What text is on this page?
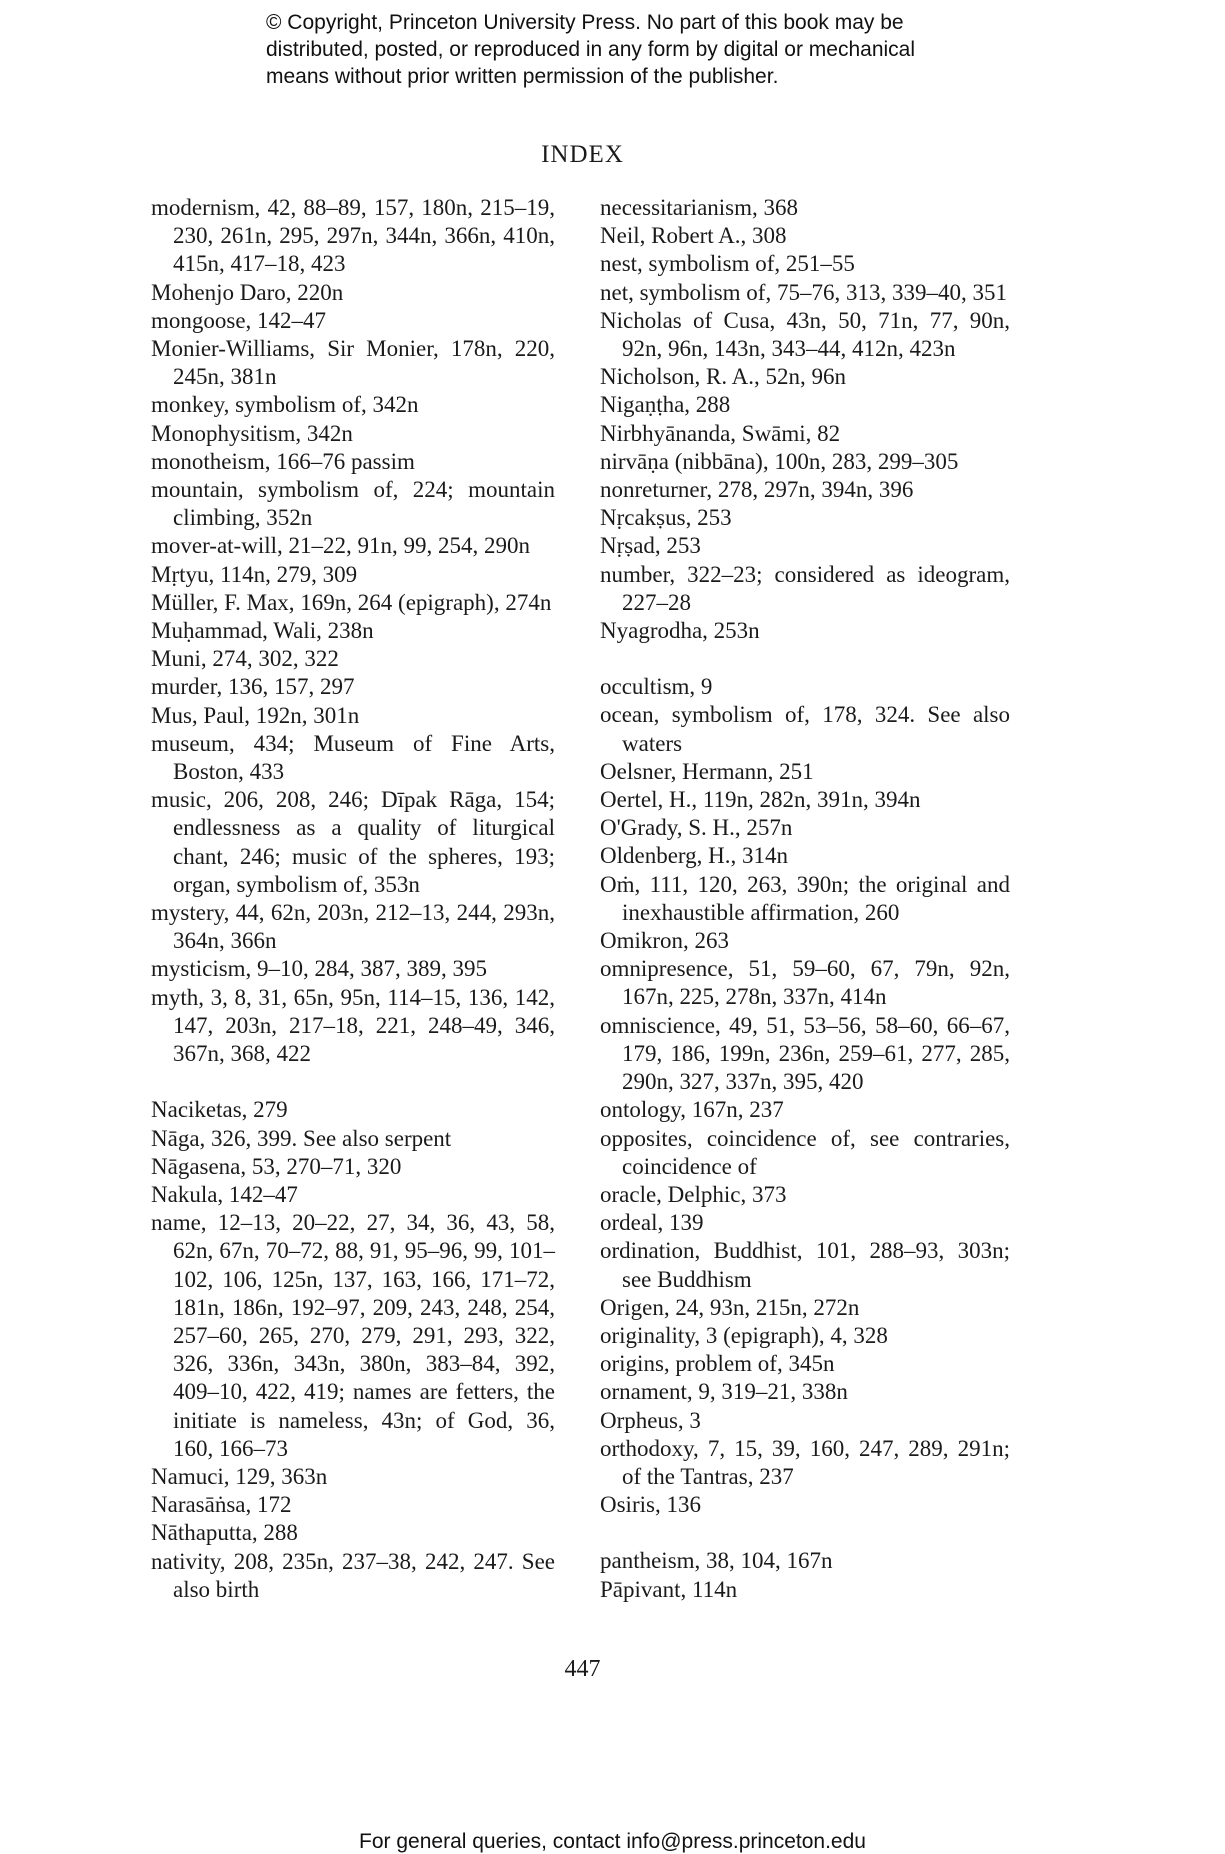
© Copyright, Princeton University Press. No part of this book may be
distributed, posted, or reproduced in any form by digital or mechanical
means without prior written permission of the publisher.
INDEX

modernism, 42, 88–89, 157, 180n, 215–19, 230, 261n, 295, 297n, 344n, 366n, 410n, 415n, 417–18, 423

Mohenjo Daro, 220n

mongoose, 142–47

Monier-Williams, Sir Monier, 178n, 220, 245n, 381n

monkey, symbolism of, 342n

Monophysitism, 342n

monotheism, 166–76 passim

mountain, symbolism of, 224; mountain climbing, 352n

mover-at-will, 21–22, 91n, 99, 254, 290n

Mṛtyu, 114n, 279, 309

Müller, F. Max, 169n, 264 (epigraph), 274n

Muḥammad, Wali, 238n

Muni, 274, 302, 322

murder, 136, 157, 297

Mus, Paul, 192n, 301n

museum, 434; Museum of Fine Arts, Boston, 433

music, 206, 208, 246; Dīpak Rāga, 154; endlessness as a quality of liturgical chant, 246; music of the spheres, 193; organ, symbolism of, 353n

mystery, 44, 62n, 203n, 212–13, 244, 293n, 364n, 366n

mysticism, 9–10, 284, 387, 389, 395

myth, 3, 8, 31, 65n, 95n, 114–15, 136, 142, 147, 203n, 217–18, 221, 248–49, 346, 367n, 368, 422

Naciketas, 279

Nāga, 326, 399. See also serpent

Nāgasena, 53, 270–71, 320

Nakula, 142–47

name, 12–13, 20–22, 27, 34, 36, 43, 58, 62n, 67n, 70–72, 88, 91, 95–96, 99, 101–102, 106, 125n, 137, 163, 166, 171–72, 181n, 186n, 192–97, 209, 243, 248, 254, 257–60, 265, 270, 279, 291, 293, 322, 326, 336n, 343n, 380n, 383–84, 392, 409–10, 422, 419; names are fetters, the initiate is nameless, 43n; of God, 36, 160, 166–73

Namuci, 129, 363n

Narasāṅsa, 172

Nāthaputta, 288

nativity, 208, 235n, 237–38, 242, 247. See also birth

necessitarianism, 368

Neil, Robert A., 308

nest, symbolism of, 251–55

net, symbolism of, 75–76, 313, 339–40, 351

Nicholas of Cusa, 43n, 50, 71n, 77, 90n, 92n, 96n, 143n, 343–44, 412n, 423n

Nicholson, R. A., 52n, 96n

Nigaṇṭha, 288

Nirbhyānanda, Swāmi, 82

nirvāṇa (nibbāna), 100n, 283, 299–305

nonreturner, 278, 297n, 394n, 396

Nṛcakṣus, 253

Nṛṣad, 253

number, 322–23; considered as ideogram, 227–28

Nyagrodha, 253n

occultism, 9

ocean, symbolism of, 178, 324. See also waters

Oelsner, Hermann, 251

Oertel, H., 119n, 282n, 391n, 394n

O'Grady, S. H., 257n

Oldenberg, H., 314n

Oṁ, 111, 120, 263, 390n; the original and inexhaustible affirmation, 260

Omikron, 263

omnipresence, 51, 59–60, 67, 79n, 92n, 167n, 225, 278n, 337n, 414n

omniscience, 49, 51, 53–56, 58–60, 66–67, 179, 186, 199n, 236n, 259–61, 277, 285, 290n, 327, 337n, 395, 420

ontology, 167n, 237

opposites, coincidence of, see contraries, coincidence of

oracle, Delphic, 373

ordeal, 139

ordination, Buddhist, 101, 288–93, 303n; see Buddhism

Origen, 24, 93n, 215n, 272n

originality, 3 (epigraph), 4, 328

origins, problem of, 345n

ornament, 9, 319–21, 338n

Orpheus, 3

orthodoxy, 7, 15, 39, 160, 247, 289, 291n; of the Tantras, 237

Osiris, 136

pantheism, 38, 104, 167n

Pāpivant, 114n

447
For general queries, contact info@press.princeton.edu
